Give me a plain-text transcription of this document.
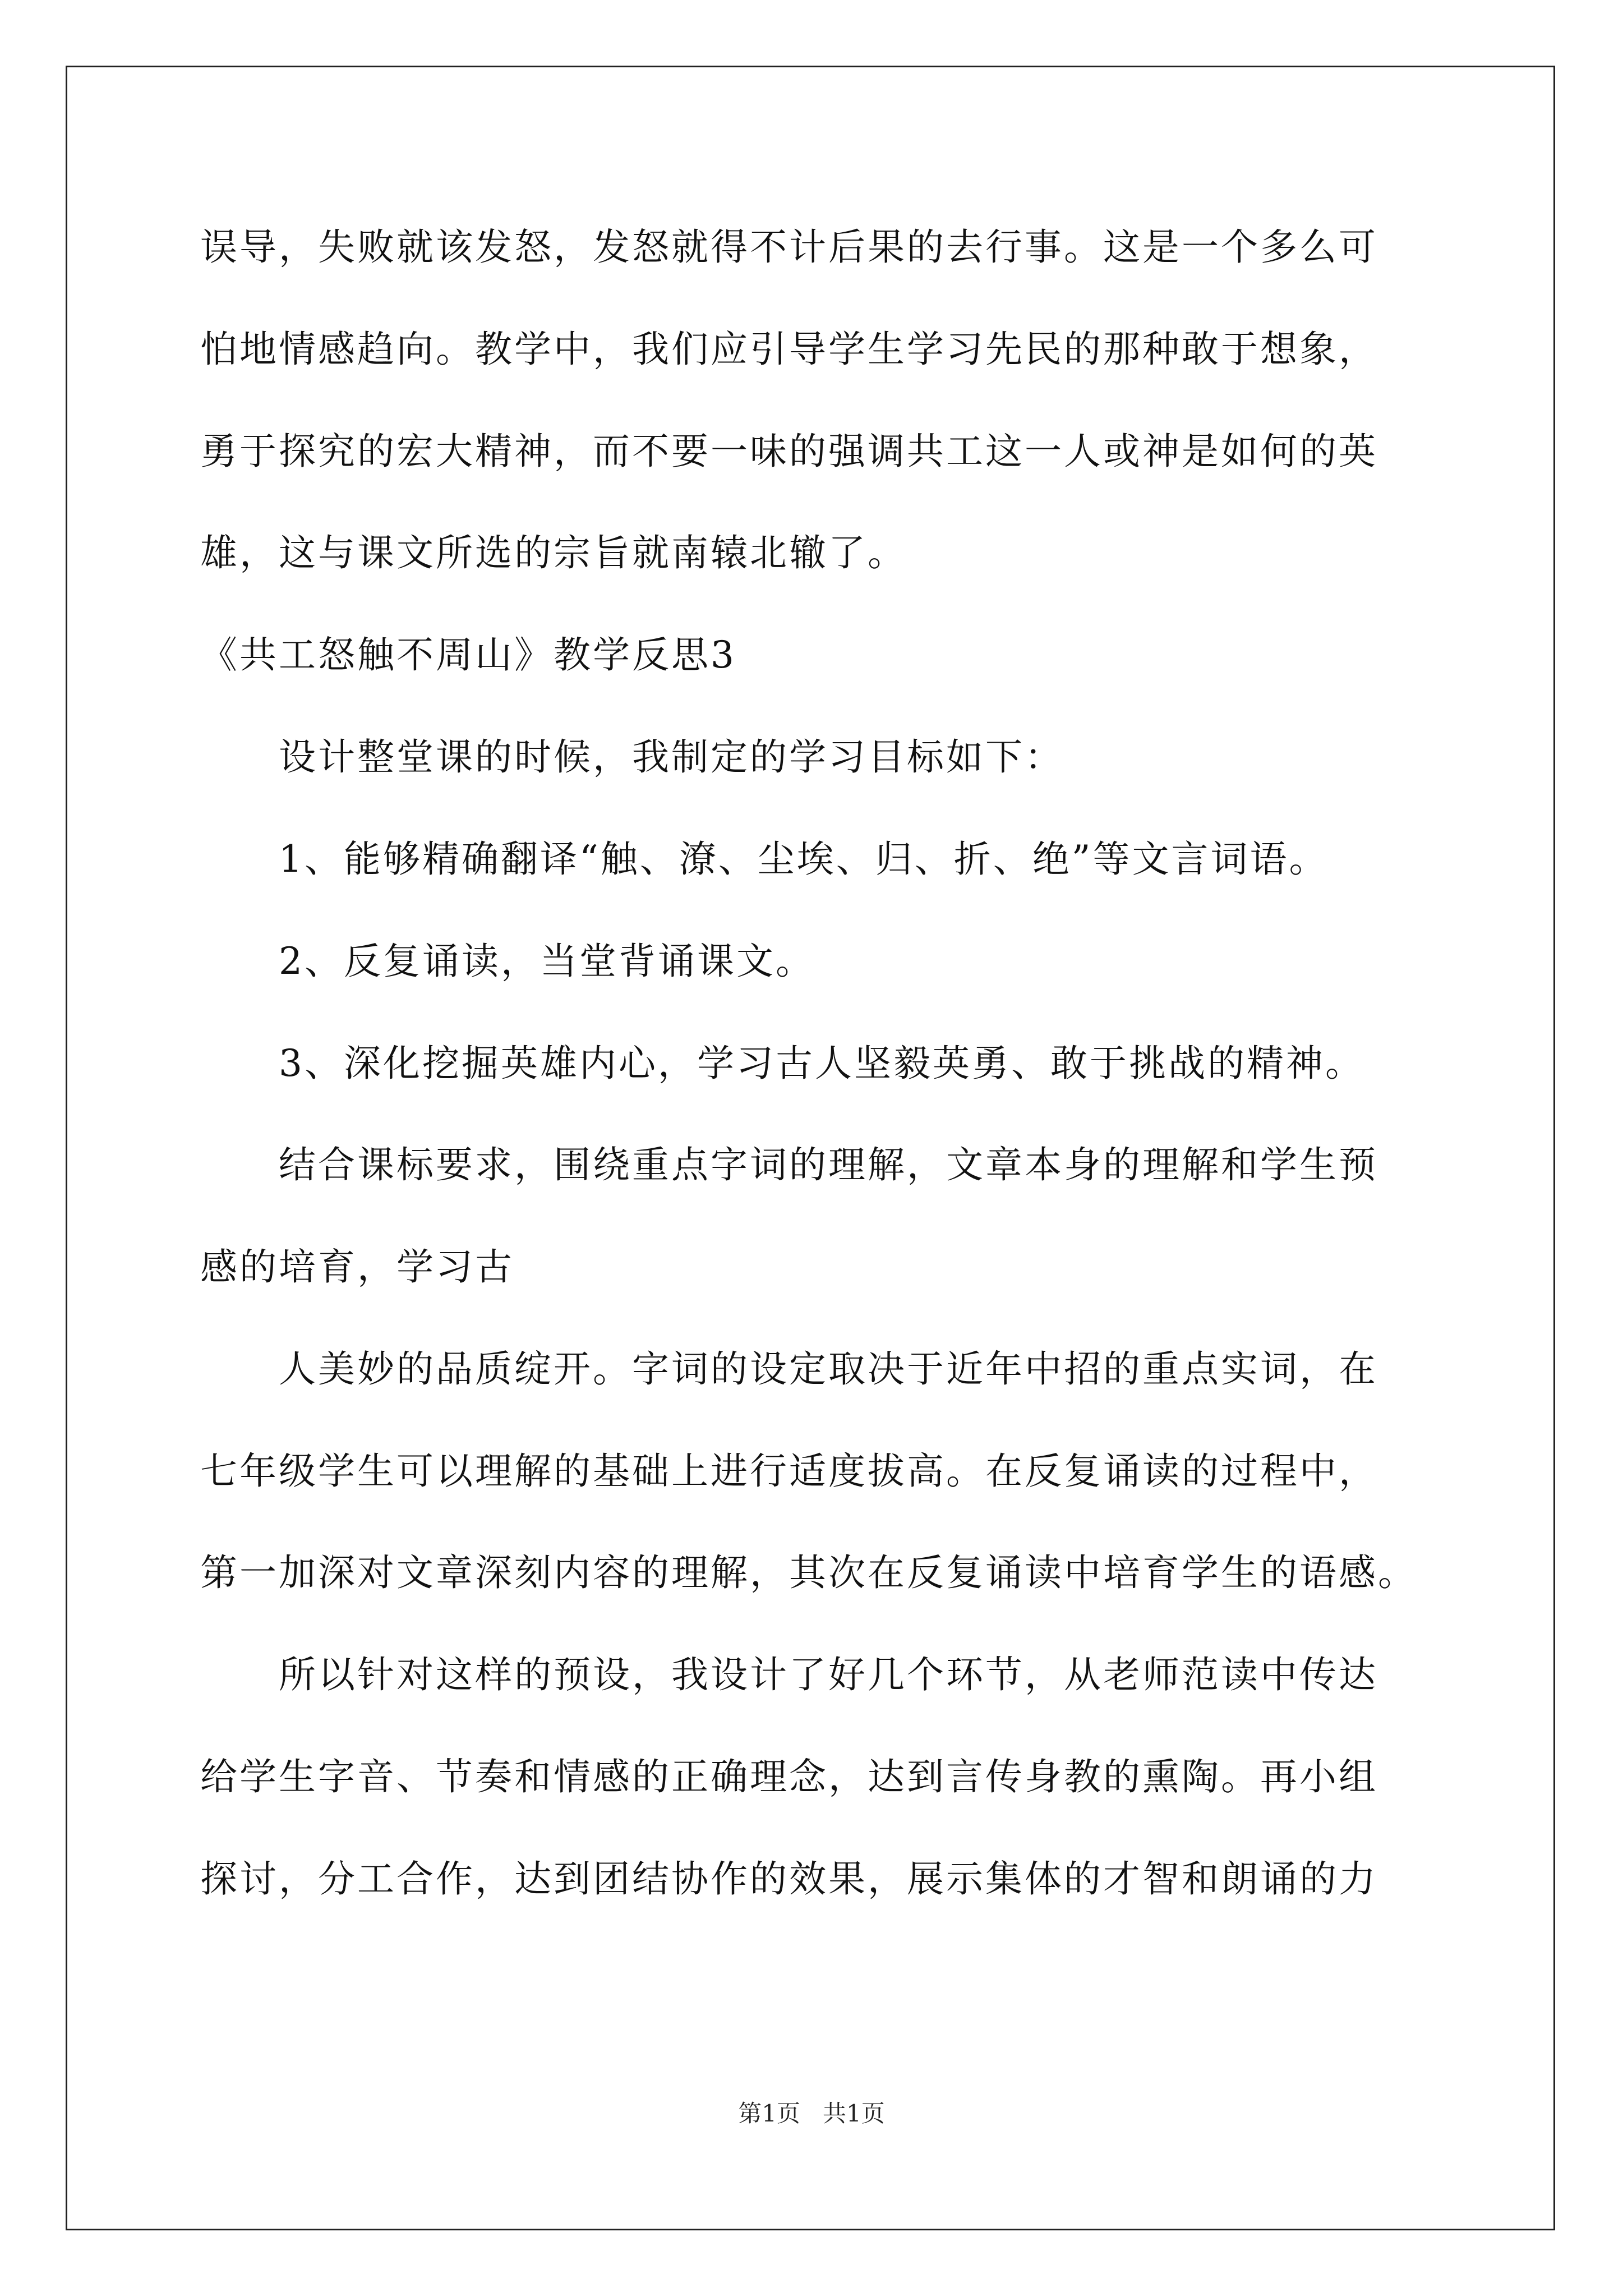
误导，失败就该发怒，发怒就得不计后果的去行事。这是一个多么可
怕地情感趋向。教学中，我们应引导学生学习先民的那种敢于想象，
勇于探究的宏大精神，而不要一味的强调共工这一人或神是如何的英
雄，这与课文所选的宗旨就南辕北辙了。
《共工怒触不周山》教学反思3
设计整堂课的时候，我制定的学习目标如下：
1、能够精确翻译“触、潦、尘埃、归、折、绝”等文言词语。
2、反复诵读，当堂背诵课文。
3、深化挖掘英雄内心，学习古人坚毅英勇、敢于挑战的精神。
结合课标要求，围绕重点字词的理解，文章本身的理解和学生预
感的培育，学习古
人美妙的品质绽开。字词的设定取决于近年中招的重点实词，在
七年级学生可以理解的基础上进行适度拔高。在反复诵读的过程中，
第一加深对文章深刻内容的理解，其次在反复诵读中培育学生的语感。
所以针对这样的预设，我设计了好几个环节，从老师范读中传达
给学生字音、节奏和情感的正确理念，达到言传身教的熏陶。再小组
探讨，分工合作，达到团结协作的效果，展示集体的才智和朗诵的力
第1页   共1页
